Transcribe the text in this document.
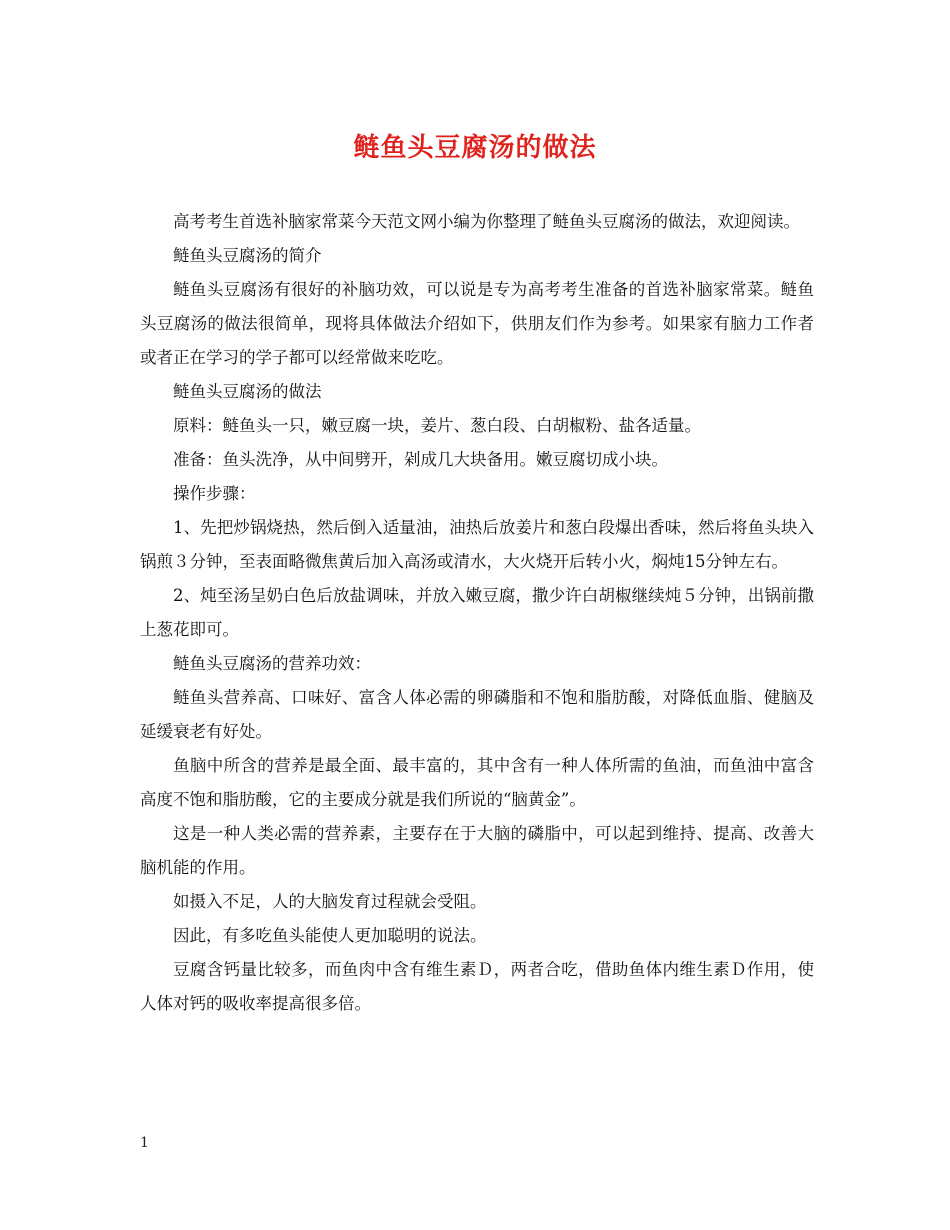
鲢鱼头豆腐汤的做法

高考考生首选补脑家常菜今天范文网小编为你整理了鲢鱼头豆腐汤的做法，欢迎阅读。

鲢鱼头豆腐汤的简介

鲢鱼头豆腐汤有很好的补脑功效，可以说是专为高考考生准备的首选补脑家常菜。鲢鱼头豆腐汤的做法很简单，现将具体做法介绍如下，供朋友们作为参考。如果家有脑力工作者或者正在学习的学子都可以经常做来吃吃。

鲢鱼头豆腐汤的做法

原料：鲢鱼头一只，嫩豆腐一块，姜片、葱白段、白胡椒粉、盐各适量。

准备：鱼头洗净，从中间劈开，剁成几大块备用。嫩豆腐切成小块。

操作步骤：

1、先把炒锅烧热，然后倒入适量油，油热后放姜片和葱白段爆出香味，然后将鱼头块入锅煎３分钟，至表面略微焦黄后加入高汤或清水，大火烧开后转小火，焖炖15分钟左右。

2、炖至汤呈奶白色后放盐调味，并放入嫩豆腐，撒少许白胡椒继续炖５分钟，出锅前撒上葱花即可。

鲢鱼头豆腐汤的营养功效：

鲢鱼头营养高、口味好、富含人体必需的卵磷脂和不饱和脂肪酸，对降低血脂、健脑及延缓衰老有好处。

鱼脑中所含的营养是最全面、最丰富的，其中含有一种人体所需的鱼油，而鱼油中富含高度不饱和脂肪酸，它的主要成分就是我们所说的“脑黄金”。

这是一种人类必需的营养素，主要存在于大脑的磷脂中，可以起到维持、提高、改善大脑机能的作用。

如摄入不足，人的大脑发育过程就会受阻。

因此，有多吃鱼头能使人更加聪明的说法。

豆腐含钙量比较多，而鱼肉中含有维生素Ｄ，两者合吃，借助鱼体内维生素Ｄ作用，使人体对钙的吸收率提高很多倍。

1
